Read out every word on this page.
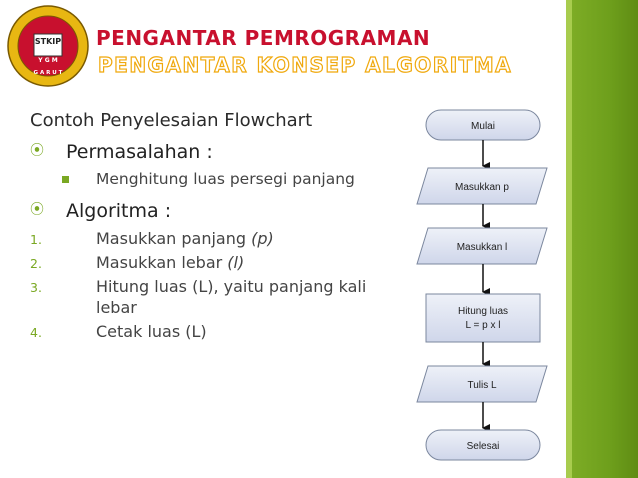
STKIP
Y G M
G A R U T
PENGANTAR PEMROGRAMAN
PENGANTAR KONSEP ALGORITMA
Contoh Penyelesaian Flowchart
⦿ Permasalahan :
Menghitung luas persegi panjang
⦿ Algoritma :
1.	Masukkan panjang (p)
2.	Masukkan lebar (l)
3.	Hitung luas (L), yaitu panjang kali lebar
4.	Cetak luas (L)
Mulai
Masukkan p
Masukkan l
Hitung luas
L = p x l
Tulis L
Selesai
